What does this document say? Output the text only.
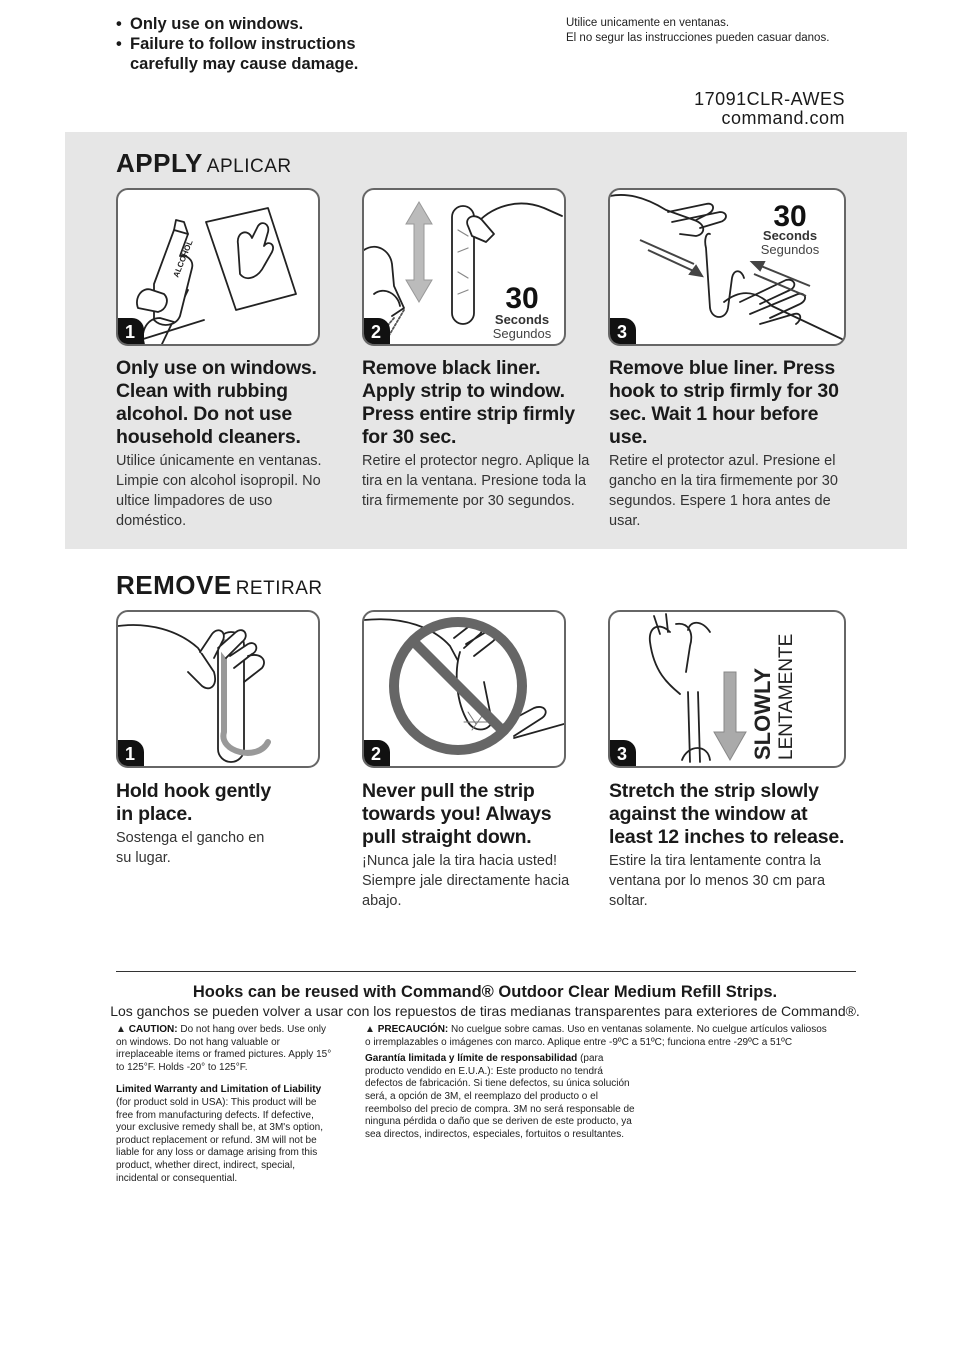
• Only use on windows.
• Failure to follow instructions carefully may cause damage.
Utilice unicamente en ventanas.
El no segur las instrucciones pueden casuar danos.
17091CLR-AWES
command.com
APPLY APLICAR
ALCOHOL
1
30
Seconds
Segundos
2
30
Seconds
Segundos
3
Only use on windows. Clean with rubbing alcohol. Do not use household cleaners.
Utilice únicamente en ventanas. Limpie con alcohol isopropil. No ultice limpadores de uso doméstico.
Remove black liner. Apply strip to window. Press entire strip firmly for 30 sec.
Retire el protector negro. Aplique la tira en la ventana. Presione toda la tira firmemente por 30 segundos.
Remove blue liner. Press hook to strip firmly for 30 sec. Wait 1 hour before use.
Retire el protector azul. Presione el gancho en la tira firmemente por 30 segundos. Espere 1 hora antes de usar.
REMOVE RETIRAR
1	2	SLOWLY LENTAMENTE
3
Hold hook gently in place.
Sostenga el gancho en su lugar.
Never pull the strip towards you! Always pull straight down.
¡Nunca jale la tira hacia usted! Siempre jale directamente hacia abajo.
Stretch the strip slowly against the window at least 12 inches to release.
Estire la tira lentamente contra la ventana por lo menos 30 cm para soltar.
Hooks can be reused with Command® Outdoor Clear Medium Refill Strips.
Los ganchos se pueden volver a usar con los repuestos de tiras medianas transparentes para exteriores de Command®.
▲ CAUTION: Do not hang over beds. Use only on windows. Do not hang valuable or irreplaceable items or framed pictures. Apply 15° to 125°F. Holds -20° to 125°F.
Limited Warranty and Limitation of Liability (for product sold in USA): This product will be free from manufacturing defects. If defective, your exclusive remedy shall be, at 3M's option, product replacement or refund. 3M will not be liable for any loss or damage arising from this product, whether direct, indirect, special, incidental or consequential.
▲ PRECAUCIÓN: No cuelgue sobre camas. Uso en ventanas solamente. No cuelgue artículos valiosos o irremplazables o imágenes con marco. Aplique entre -9ºC a 51ºC; funciona entre -29ºC a 51ºC
Garantía limitada y límite de responsabilidad (para producto vendido en E.U.A.): Este producto no tendrá defectos de fabricación. Si tiene defectos, su única solución será, a opción de 3M, el reemplazo del producto o el reembolso del precio de compra. 3M no será responsable de ninguna pérdida o daño que se deriven de este producto, ya sea directos, indirectos, especiales, fortuitos o resultantes.
